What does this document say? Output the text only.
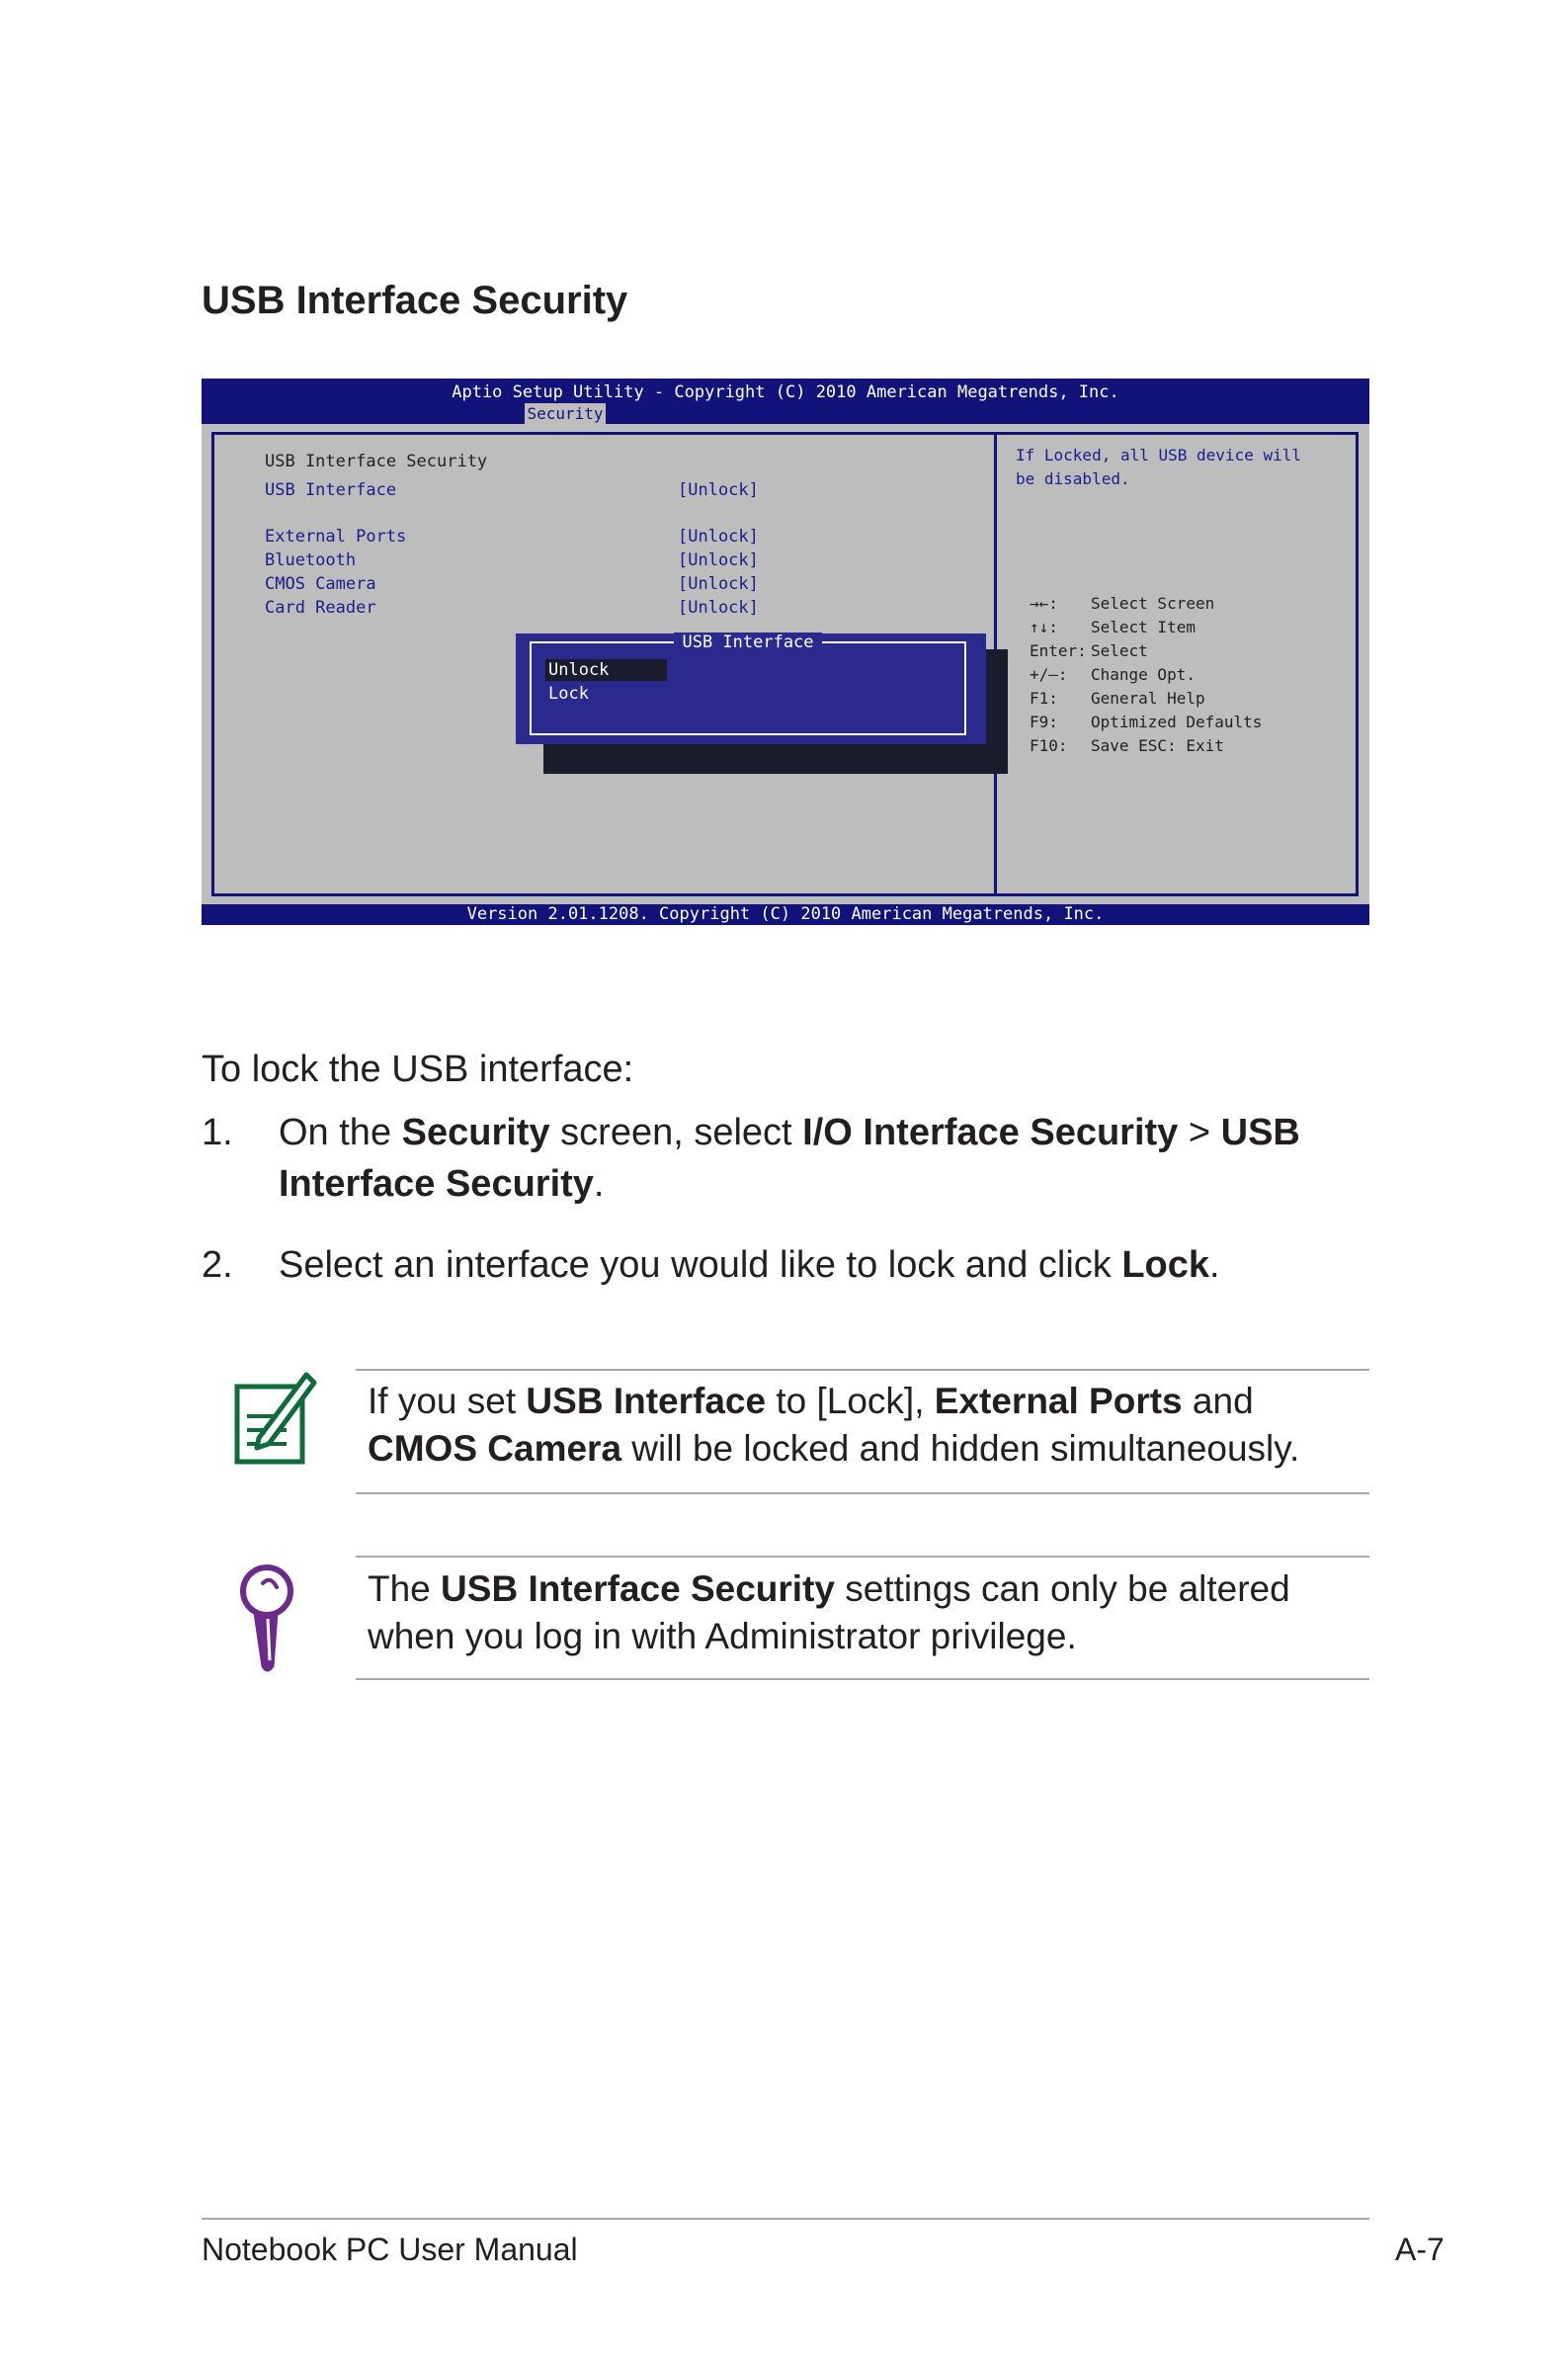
USB Interface Security
Aptio Setup Utility - Copyright (C) 2010 American Megatrends, Inc.
Security
USB Interface Security
USB Interface	[Unlock]
External Ports	[Unlock]
Bluetooth	[Unlock]
CMOS Camera	[Unlock]
Card Reader	[Unlock]
If Locked, all USB device will
be disabled.
→←: Select Screen
↑↓: Select Item
Enter: Select
+/—: Change Opt.
F1: General Help
F9: Optimized Defaults
F10: Save ESC: Exit
USB Interface
Unlock
Lock
Version 2.01.1208. Copyright (C) 2010 American Megatrends, Inc.
To lock the USB interface:
1.	On the Security screen, select I/O Interface Security > USB Interface Security.
2.	Select an interface you would like to lock and click Lock.
If you set USB Interface to [Lock], External Ports and CMOS Camera will be locked and hidden simultaneously.
The USB Interface Security settings can only be altered when you log in with Administrator privilege.
Notebook PC User Manual	A-7
